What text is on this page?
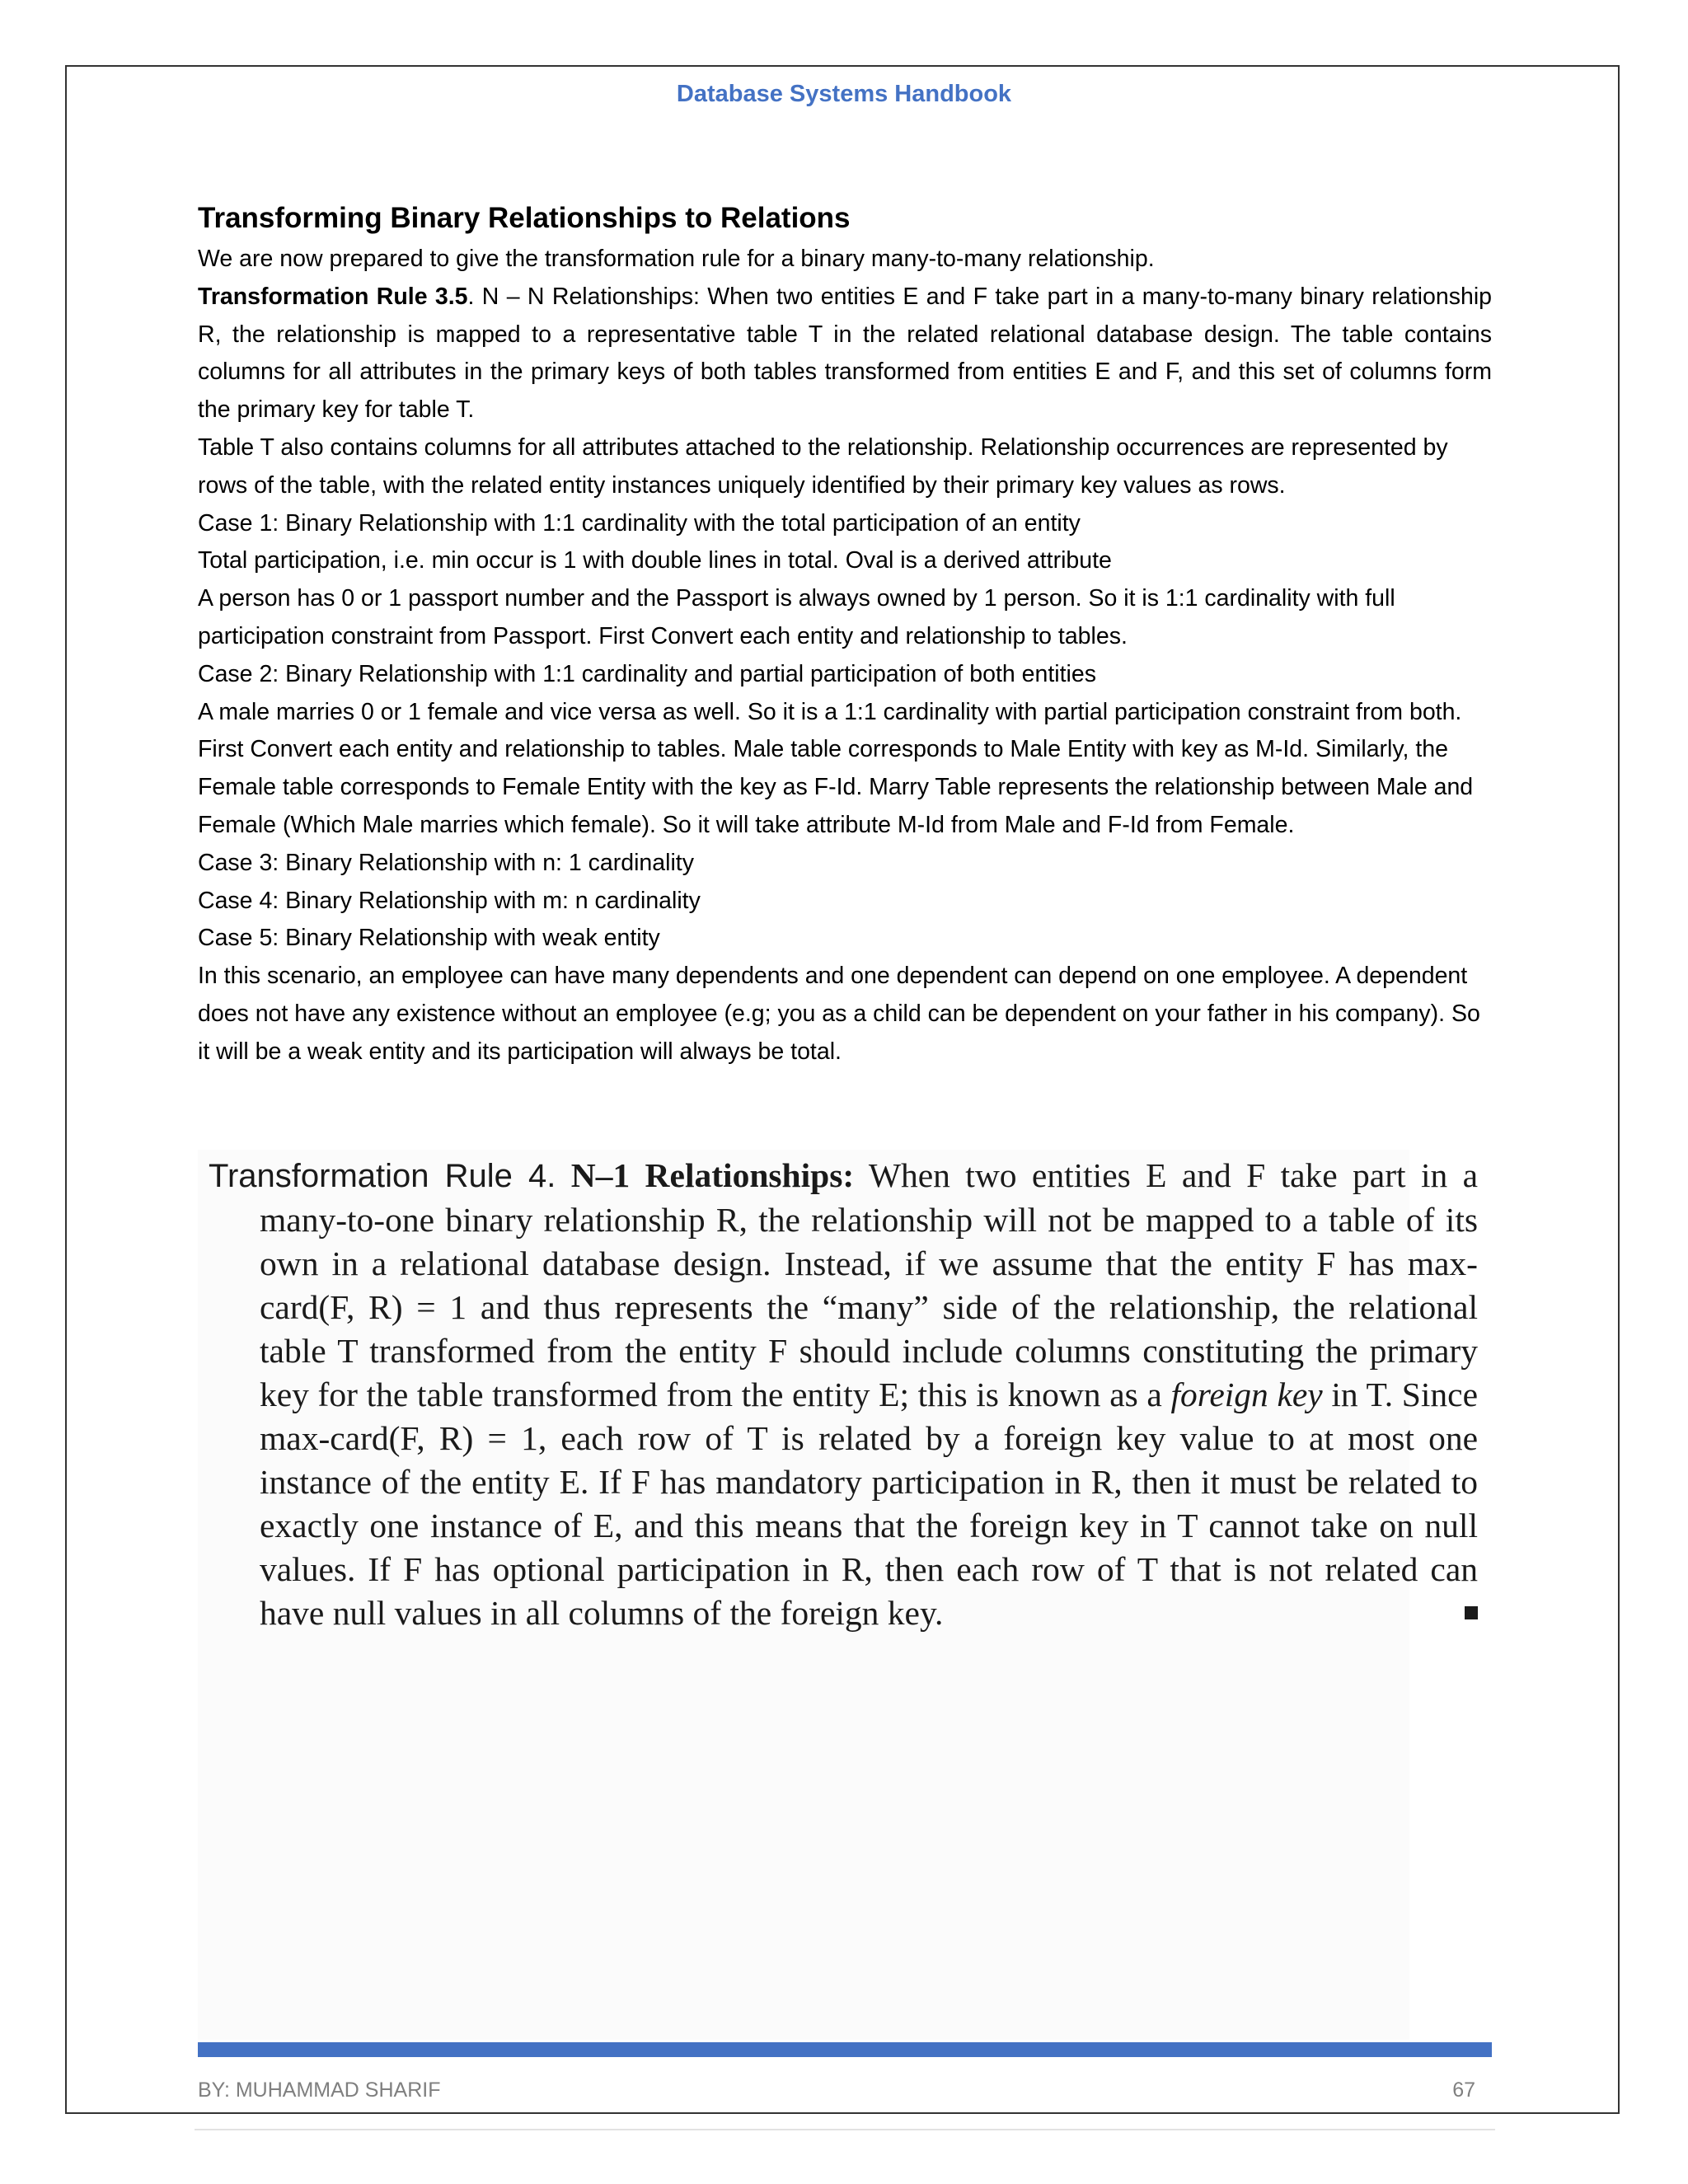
Database Systems Handbook
Transforming Binary Relationships to Relations

We are now prepared to give the transformation rule for a binary many-to-many relationship.

Transformation Rule 3.5. N – N Relationships: When two entities E and F take part in a many-to-many binary relationship R, the relationship is mapped to a representative table T in the related relational database design. The table contains columns for all attributes in the primary keys of both tables transformed from entities E and F, and this set of columns form the primary key for table T.

Table T also contains columns for all attributes attached to the relationship. Relationship occurrences are represented by rows of the table, with the related entity instances uniquely identified by their primary key values as rows.

Case 1: Binary Relationship with 1:1 cardinality with the total participation of an entity

Total participation, i.e. min occur is 1 with double lines in total. Oval is a derived attribute

A person has 0 or 1 passport number and the Passport is always owned by 1 person. So it is 1:1 cardinality with full participation constraint from Passport. First Convert each entity and relationship to tables.

Case 2: Binary Relationship with 1:1 cardinality and partial participation of both entities

A male marries 0 or 1 female and vice versa as well. So it is a 1:1 cardinality with partial participation constraint from both. First Convert each entity and relationship to tables. Male table corresponds to Male Entity with key as M-Id. Similarly, the Female table corresponds to Female Entity with the key as F-Id. Marry Table represents the relationship between Male and Female (Which Male marries which female). So it will take attribute M-Id from Male and F-Id from Female.

Case 3: Binary Relationship with n: 1 cardinality

Case 4: Binary Relationship with m: n cardinality

Case 5: Binary Relationship with weak entity

In this scenario, an employee can have many dependents and one dependent can depend on one employee. A dependent does not have any existence without an employee (e.g; you as a child can be dependent on your father in his company). So it will be a weak entity and its participation will always be total.

Transformation Rule 4. N–1 Relationships: When two entities E and F take part in a many-to-one binary relationship R, the relationship will not be mapped to a table of its own in a relational database design. Instead, if we assume that the entity F has max-card(F, R) = 1 and thus represents the “many” side of the relationship, the relational table T transformed from the entity F should include columns constituting the primary key for the table transformed from the entity E; this is known as a foreign key in T. Since max-card(F, R) = 1, each row of T is related by a foreign key value to at most one instance of the entity E. If F has mandatory participation in R, then it must be related to exactly one instance of E, and this means that the foreign key in T cannot take on null values. If F has optional participation in R, then each row of T that is not related can have null values in all columns of the foreign key.
BY: MUHAMMAD SHARIF	67
